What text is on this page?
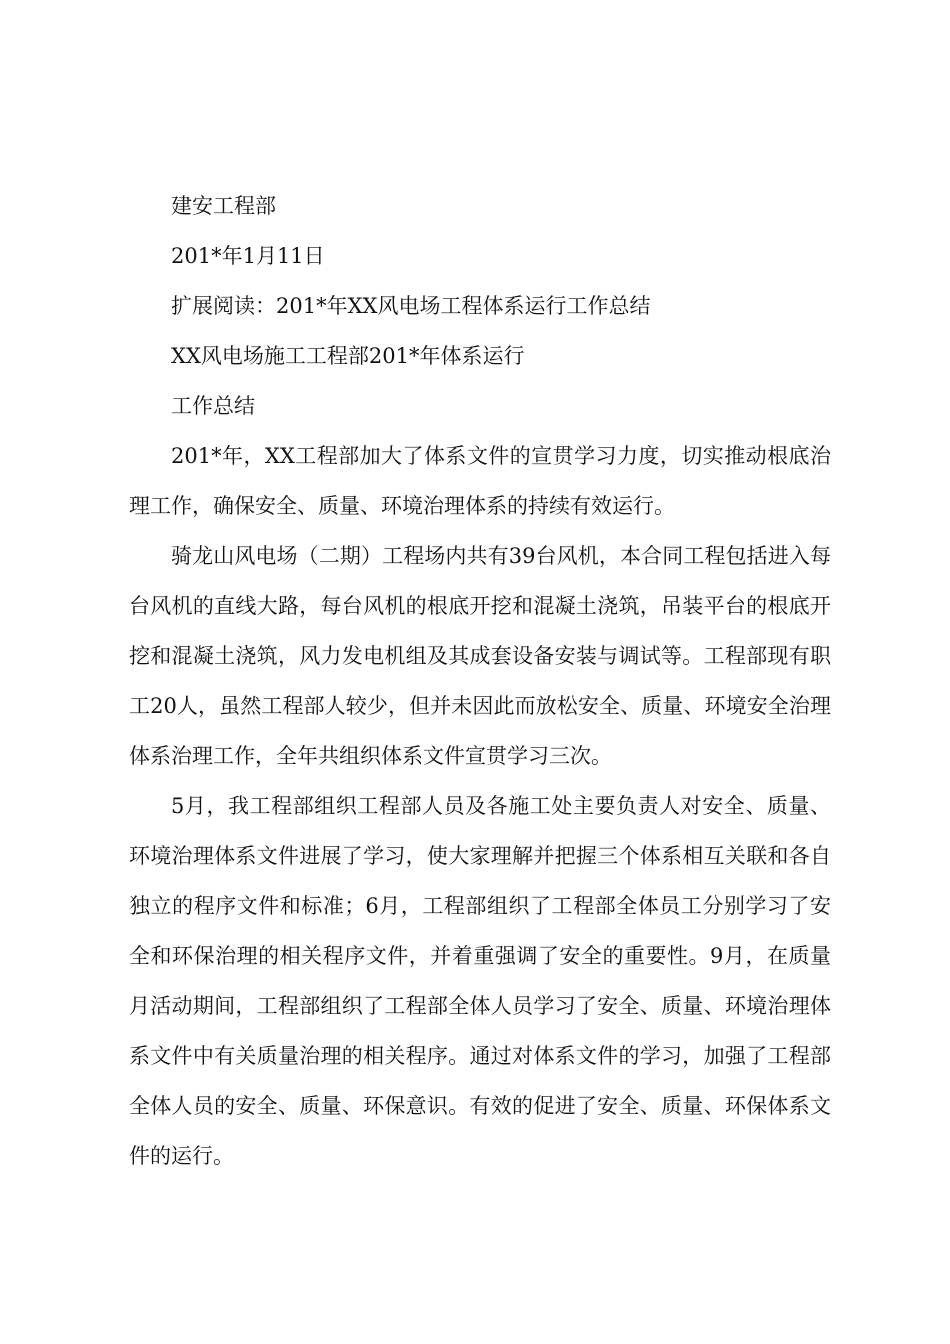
建安工程部

201*年1月11日

扩展阅读：201*年XX风电场工程体系运行工作总结

XX风电场施工工程部201*年体系运行

工作总结

201*年，XX工程部加大了体系文件的宣贯学习力度，切实推动根底治理工作，确保安全、质量、环境治理体系的持续有效运行。

骑龙山风电场（二期）工程场内共有39台风机，本合同工程包括进入每台风机的直线大路，每台风机的根底开挖和混凝土浇筑，吊装平台的根底开挖和混凝土浇筑，风力发电机组及其成套设备安装与调试等。工程部现有职工20人，虽然工程部人较少，但并未因此而放松安全、质量、环境安全治理体系治理工作，全年共组织体系文件宣贯学习三次。

5月，我工程部组织工程部人员及各施工处主要负责人对安全、质量、环境治理体系文件进展了学习，使大家理解并把握三个体系相互关联和各自独立的程序文件和标准；6月，工程部组织了工程部全体员工分别学习了安全和环保治理的相关程序文件，并着重强调了安全的重要性。9月，在质量月活动期间，工程部组织了工程部全体人员学习了安全、质量、环境治理体系文件中有关质量治理的相关程序。通过对体系文件的学习，加强了工程部全体人员的安全、质量、环保意识。有效的促进了安全、质量、环保体系文件的运行。
